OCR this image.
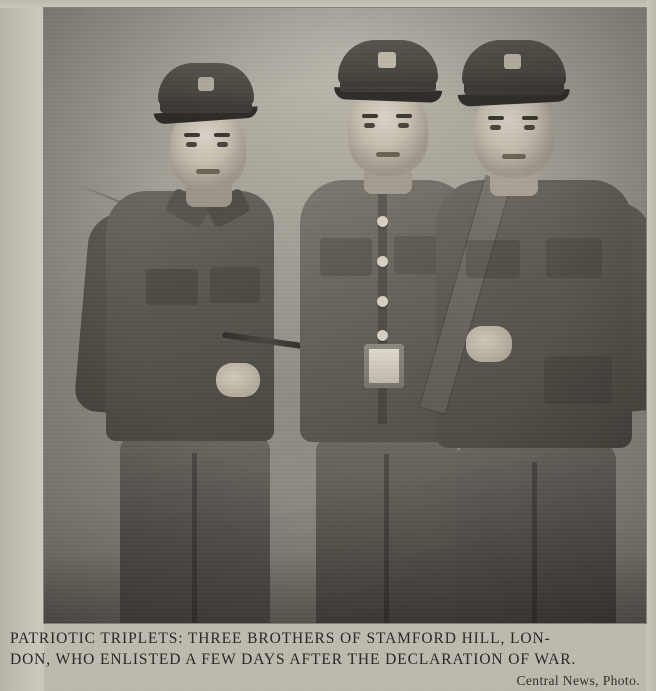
PATRIOTIC TRIPLETS: THREE BROTHERS OF STAMFORD HILL, LON-
DON, WHO ENLISTED A FEW DAYS AFTER THE DECLARATION OF WAR.
Central News, Photo.
